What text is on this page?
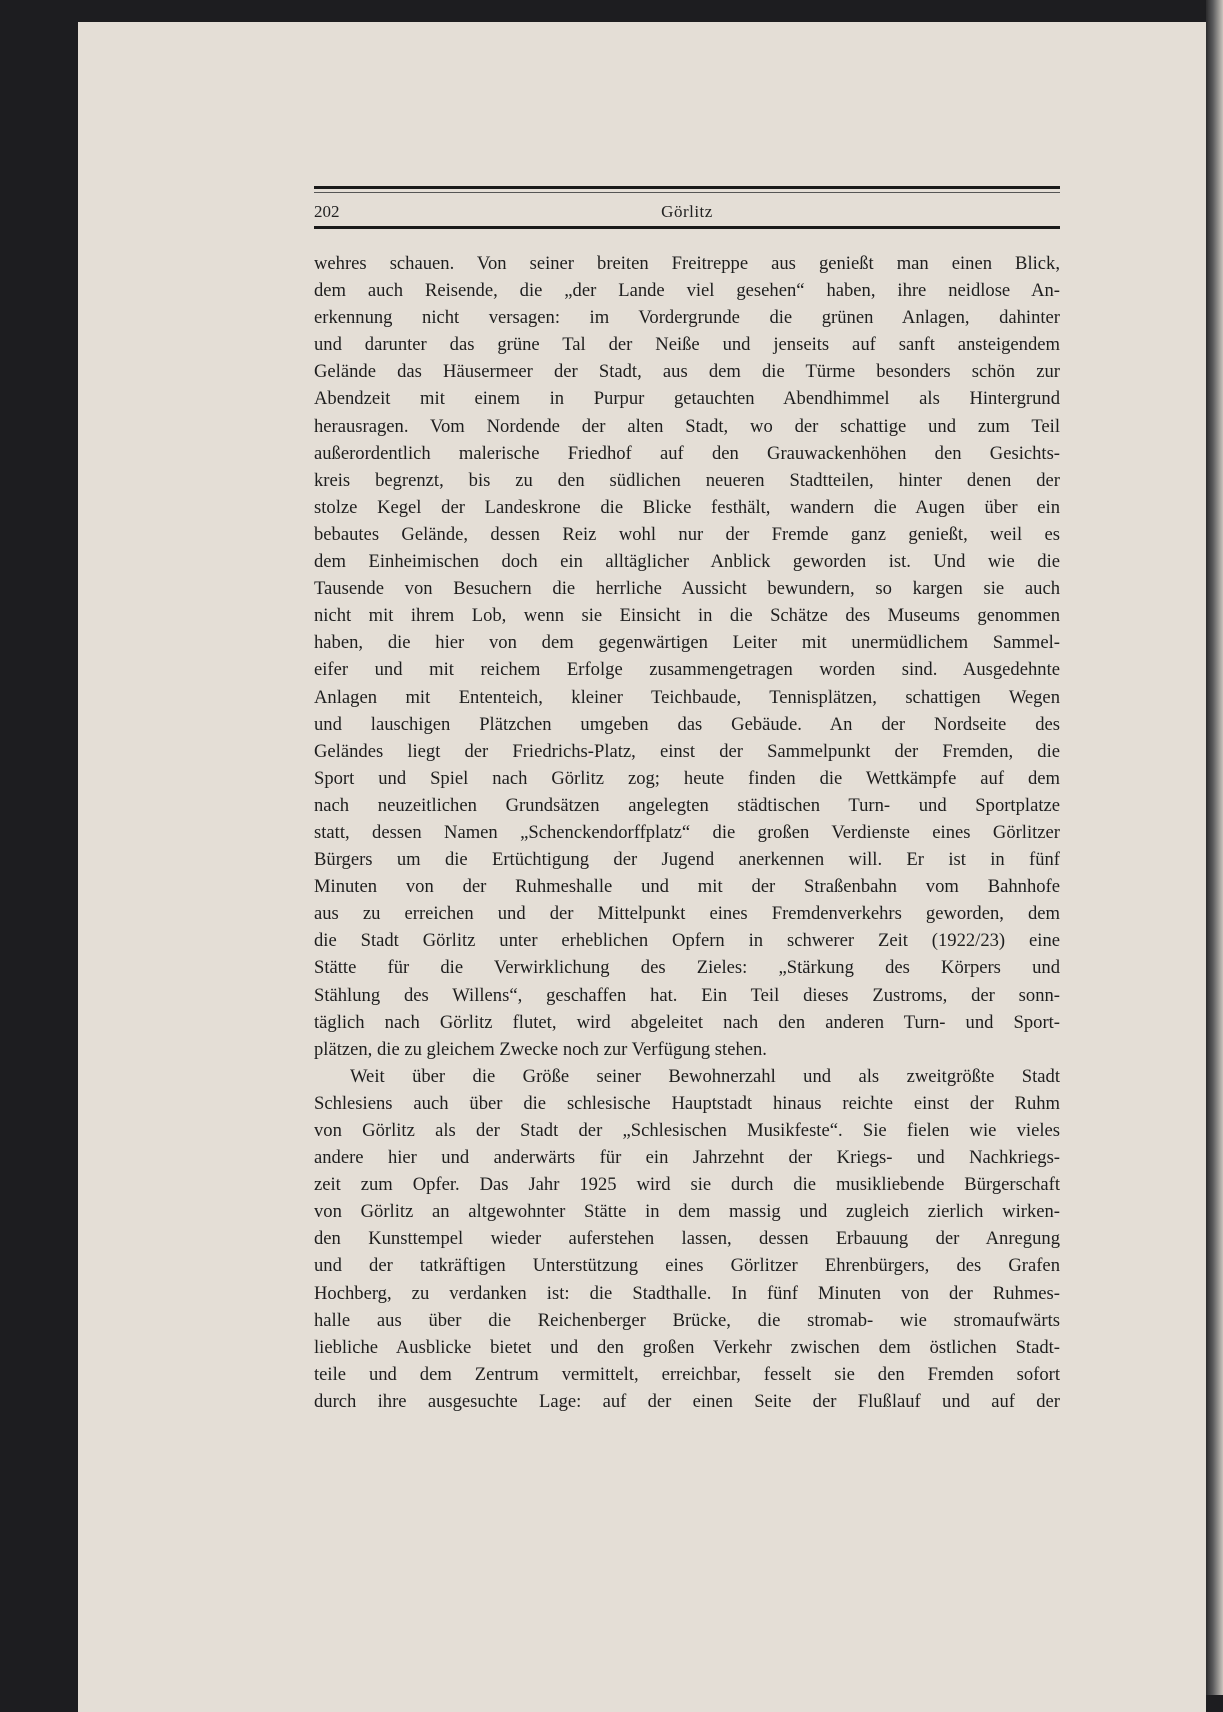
202	Görlitz
wehres schauen. Von seiner breiten Freitreppe aus genießt man einen Blick,
dem auch Reisende, die „der Lande viel gesehen“ haben, ihre neidlose An-
erkennung nicht versagen: im Vordergrunde die grünen Anlagen, dahinter
und darunter das grüne Tal der Neiße und jenseits auf sanft ansteigendem
Gelände das Häusermeer der Stadt, aus dem die Türme besonders schön zur
Abendzeit mit einem in Purpur getauchten Abendhimmel als Hintergrund
herausragen. Vom Nordende der alten Stadt, wo der schattige und zum Teil
außerordentlich malerische Friedhof auf den Grauwackenhöhen den Gesichts-
kreis begrenzt, bis zu den südlichen neueren Stadtteilen, hinter denen der
stolze Kegel der Landeskrone die Blicke festhält, wandern die Augen über ein
bebautes Gelände, dessen Reiz wohl nur der Fremde ganz genießt, weil es
dem Einheimischen doch ein alltäglicher Anblick geworden ist. Und wie die
Tausende von Besuchern die herrliche Aussicht bewundern, so kargen sie auch
nicht mit ihrem Lob, wenn sie Einsicht in die Schätze des Museums genommen
haben, die hier von dem gegenwärtigen Leiter mit unermüdlichem Sammel-
eifer und mit reichem Erfolge zusammengetragen worden sind. Ausgedehnte
Anlagen mit Ententeich, kleiner Teichbaude, Tennisplätzen, schattigen Wegen
und lauschigen Plätzchen umgeben das Gebäude. An der Nordseite des
Geländes liegt der Friedrichs-Platz, einst der Sammelpunkt der Fremden, die
Sport und Spiel nach Görlitz zog; heute finden die Wettkämpfe auf dem
nach neuzeitlichen Grundsätzen angelegten städtischen Turn- und Sportplatze
statt, dessen Namen „Schenckendorffplatz“ die großen Verdienste eines Görlitzer
Bürgers um die Ertüchtigung der Jugend anerkennen will. Er ist in fünf
Minuten von der Ruhmeshalle und mit der Straßenbahn vom Bahnhofe
aus zu erreichen und der Mittelpunkt eines Fremdenverkehrs geworden, dem
die Stadt Görlitz unter erheblichen Opfern in schwerer Zeit (1922/23) eine
Stätte für die Verwirklichung des Zieles: „Stärkung des Körpers und
Stählung des Willens“, geschaffen hat. Ein Teil dieses Zustroms, der sonn-
täglich nach Görlitz flutet, wird abgeleitet nach den anderen Turn- und Sport-
plätzen, die zu gleichem Zwecke noch zur Verfügung stehen.
Weit über die Größe seiner Bewohnerzahl und als zweitgrößte Stadt
Schlesiens auch über die schlesische Hauptstadt hinaus reichte einst der Ruhm
von Görlitz als der Stadt der „Schlesischen Musikfeste“. Sie fielen wie vieles
andere hier und anderwärts für ein Jahrzehnt der Kriegs- und Nachkriegs-
zeit zum Opfer. Das Jahr 1925 wird sie durch die musikliebende Bürgerschaft
von Görlitz an altgewohnter Stätte in dem massig und zugleich zierlich wirken-
den Kunsttempel wieder auferstehen lassen, dessen Erbauung der Anregung
und der tatkräftigen Unterstützung eines Görlitzer Ehrenbürgers, des Grafen
Hochberg, zu verdanken ist: die Stadthalle. In fünf Minuten von der Ruhmes-
halle aus über die Reichenberger Brücke, die stromab- wie stromaufwärts
liebliche Ausblicke bietet und den großen Verkehr zwischen dem östlichen Stadt-
teile und dem Zentrum vermittelt, erreichbar, fesselt sie den Fremden sofort
durch ihre ausgesuchte Lage: auf der einen Seite der Flußlauf und auf der
